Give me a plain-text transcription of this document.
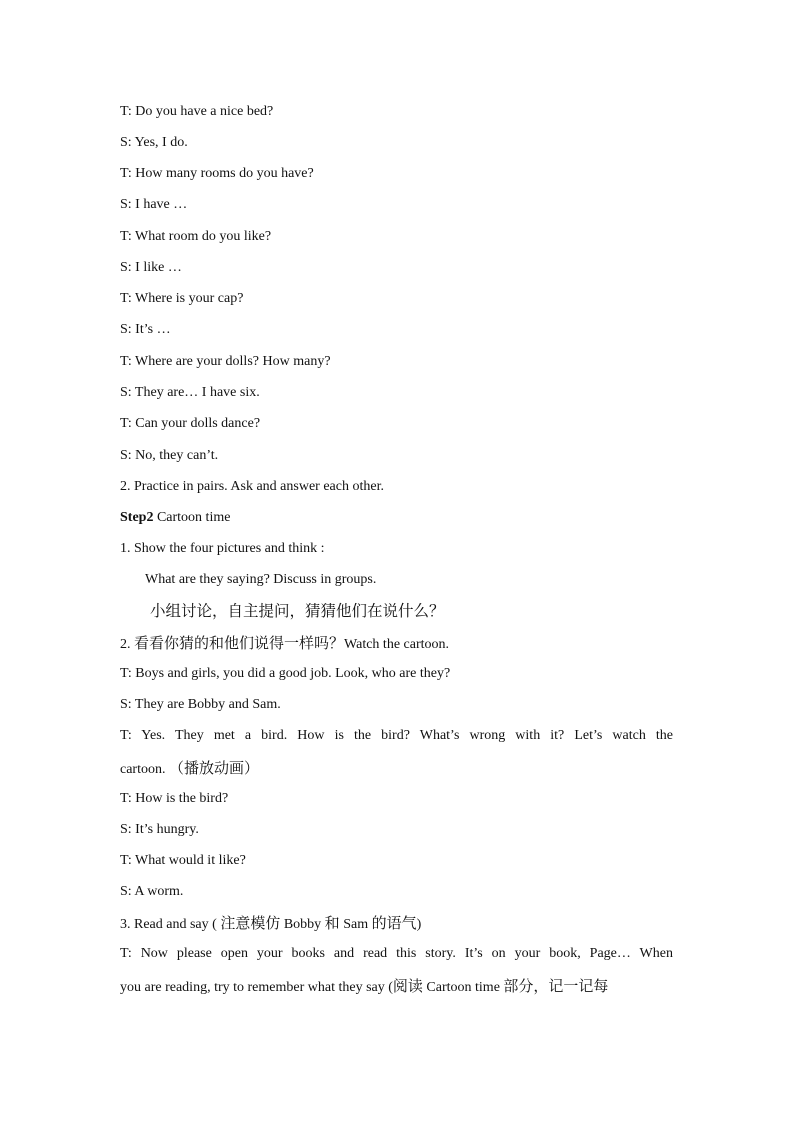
T: Do you have a nice bed?
S: Yes, I do.
T: How many rooms do you have?
S: I have …
T: What room do you like?
S: I like …
T: Where is your cap?
S: It’s …
T: Where are your dolls? How many?
S: They are… I have six.
T: Can your dolls dance?
S: No, they can’t.
2. Practice in pairs. Ask and answer each other.
Step2 Cartoon time
1. Show the four pictures and think :
What are they saying? Discuss in groups.
小组讨论，自主提问，猜猜他们在说什么？
2. 看看你猜的和他们说得一样吗？Watch the cartoon.
T: Boys and girls, you did a good job. Look, who are they?
S: They are Bobby and Sam.
T: Yes. They met a bird. How is the bird? What’s wrong with it? Let’s watch the
cartoon. （播放动画）
T: How is the bird?
S: It’s hungry.
T: What would it like?
S: A worm.
3. Read and say ( 注意模仿 Bobby 和 Sam 的语气)
T: Now please open your books and read this story. It’s on your book, Page… When
you are reading, try to remember what they say (阅读 Cartoon time 部分，记一记每
